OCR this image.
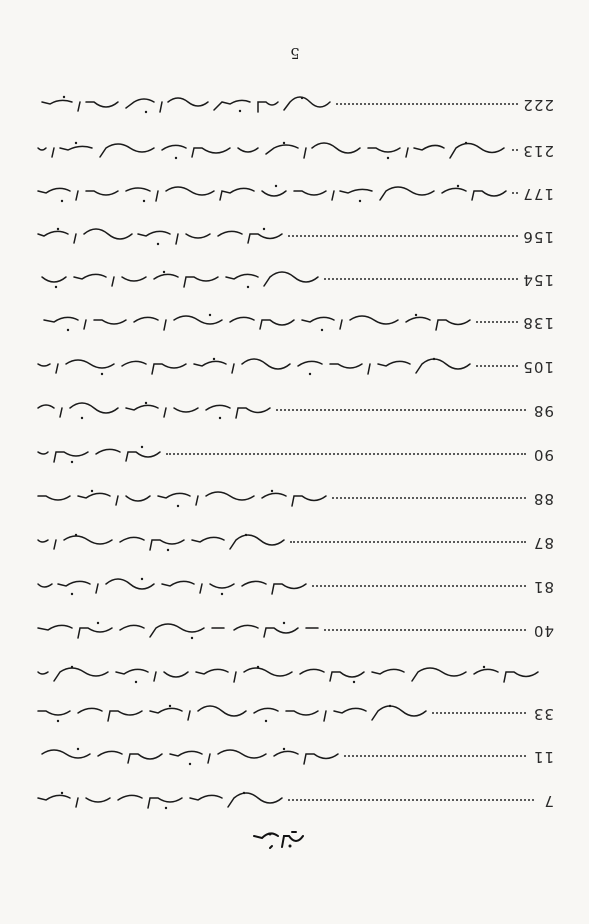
5
222
213
177
156
154
138
105
98
90
88
87
81
40
33
11
7
